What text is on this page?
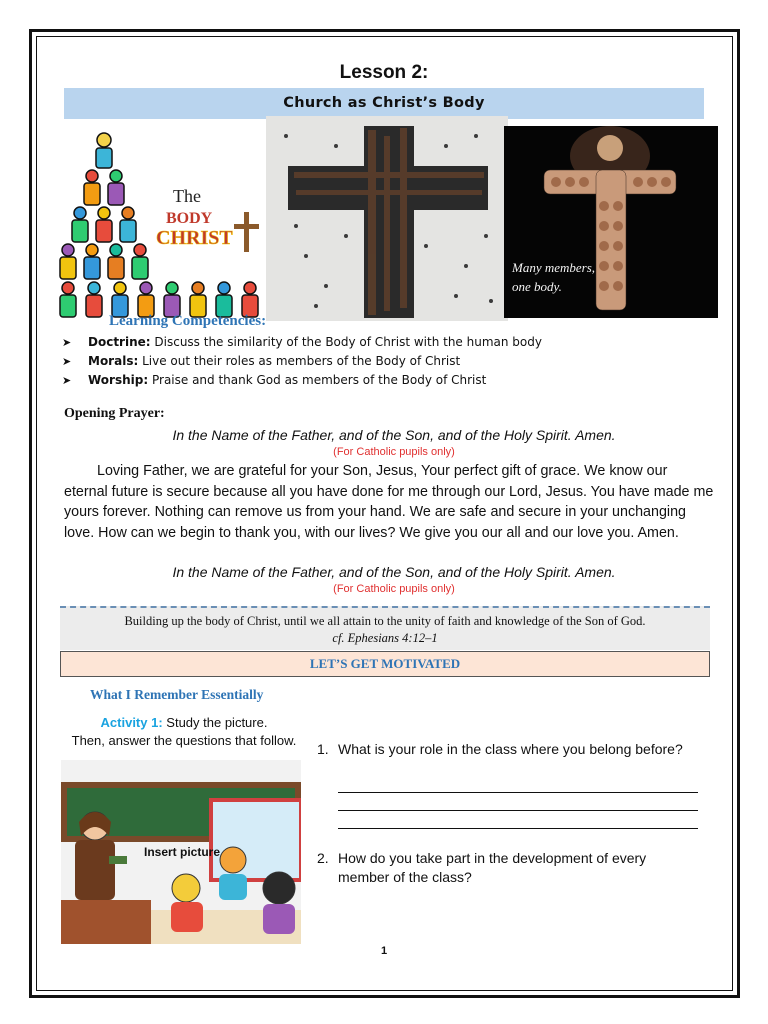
Lesson 2:
Church as Christ’s Body
The
BODY
CHRIST
Many members,
one body.
Learning Competencies:
➤ Doctrine: Discuss the similarity of the Body of Christ with the human body
➤ Morals: Live out their roles as members of the Body of Christ
➤ Worship: Praise and thank God as members of the Body of Christ
Opening Prayer:
In the Name of the Father, and of the Son, and of the Holy Spirit. Amen.
(For Catholic pupils only)
Loving Father, we are grateful for your Son, Jesus, Your perfect gift of grace. We know our eternal future is secure because all you have done for me through our Lord, Jesus. You have made me yours forever. Nothing can remove us from your hand. We are safe and secure in your unchanging love. How can we begin to thank you, with our lives? We give you our all and our love you. Amen.
In the Name of the Father, and of the Son, and of the Holy Spirit. Amen.
(For Catholic pupils only)
Building up the body of Christ, until we all attain to the unity of faith and knowledge of the Son of God.
cf. Ephesians 4:12–1
LET’S GET MOTIVATED
What I Remember Essentially
Activity 1: Study the picture.
Then, answer the questions that follow.
Insert picture
1. What is your role in the class where you belong before?
2. How do you take part in the development of every member of the class?
1
